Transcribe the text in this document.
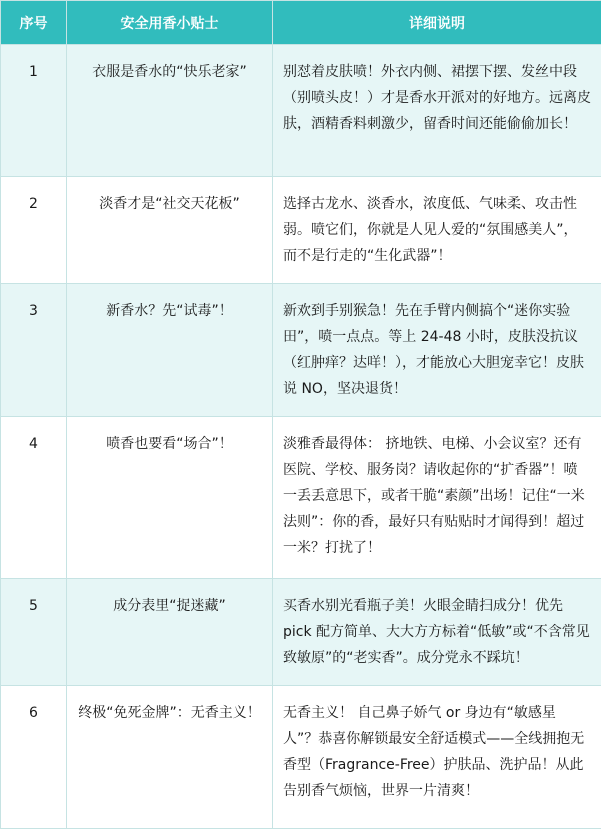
序号	安全用香小贴士	详细说明
1	衣服是香水的“快乐老家”	别怼着皮肤喷！外衣内侧、裙摆下摆、发丝中段（别喷头皮！）才是香水开派对的好地方。远离皮肤，酒精香料刺激少，留香时间还能偷偷加长！
2	淡香才是“社交天花板”	选择古龙水、淡香水，浓度低、气味柔、攻击性弱。喷它们，你就是人见人爱的“氛围感美人”，而不是行走的“生化武器”！
3	新香水？先“试毒”！	新欢到手别猴急！先在手臂内侧搞个“迷你实验田”，喷一点点。等上 24-48 小时，皮肤没抗议（红肿痒？达咩！），才能放心大胆宠幸它！皮肤说 NO，坚决退货！
4	喷香也要看“场合”！	淡雅香最得体： 挤地铁、电梯、小会议室？还有医院、学校、服务岗？请收起你的“扩香器”！喷一丢丢意思下，或者干脆“素颜”出场！记住“一米法则”：你的香，最好只有贴贴时才闻得到！超过一米？打扰了！
5	成分表里“捉迷藏”	买香水别光看瓶子美！火眼金睛扫成分！优先 pick 配方简单、大大方方标着“低敏”或“不含常见致敏原”的“老实香”。成分党永不踩坑！
6	终极“免死金牌”：无香主义！	无香主义！ 自己鼻子娇气 or 身边有“敏感星人”？恭喜你解锁最安全舒适模式——全线拥抱无香型（Fragrance-Free）护肤品、洗护品！从此告别香气烦恼，世界一片清爽！
